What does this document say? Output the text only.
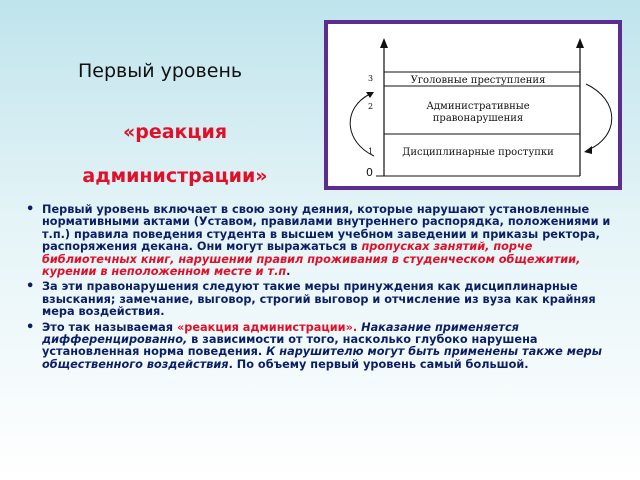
Первый уровень
«реакция администрации»
Уголовные преступления
3
Административные
правонарушения
2
Дисциплинарные проступки
1
0
• Первый уровень включает в свою зону деяния, которые нарушают установленные нормативными актами (Уставом, правилами внутреннего распорядка, положениями и т.п.) правила поведения студента в высшем учебном заведении и приказы ректора, распоряжения декана. Они могут выражаться в пропусках занятий, порче библиотечных книг, нарушении правил проживания в студенческом общежитии, курении в неположенном месте и т.п.
• За эти правонарушения следуют такие меры принуждения как дисциплинарные взыскания; замечание, выговор, строгий выговор и отчисление из вуза как крайняя мера воздействия.
• Это так называемая «реакция администрации». Наказание применяется дифференцированно, в зависимости от того, насколько глубоко нарушена установленная норма поведения. К нарушителю могут быть применены также меры общественного воздействия. По объему первый уровень самый большой.
